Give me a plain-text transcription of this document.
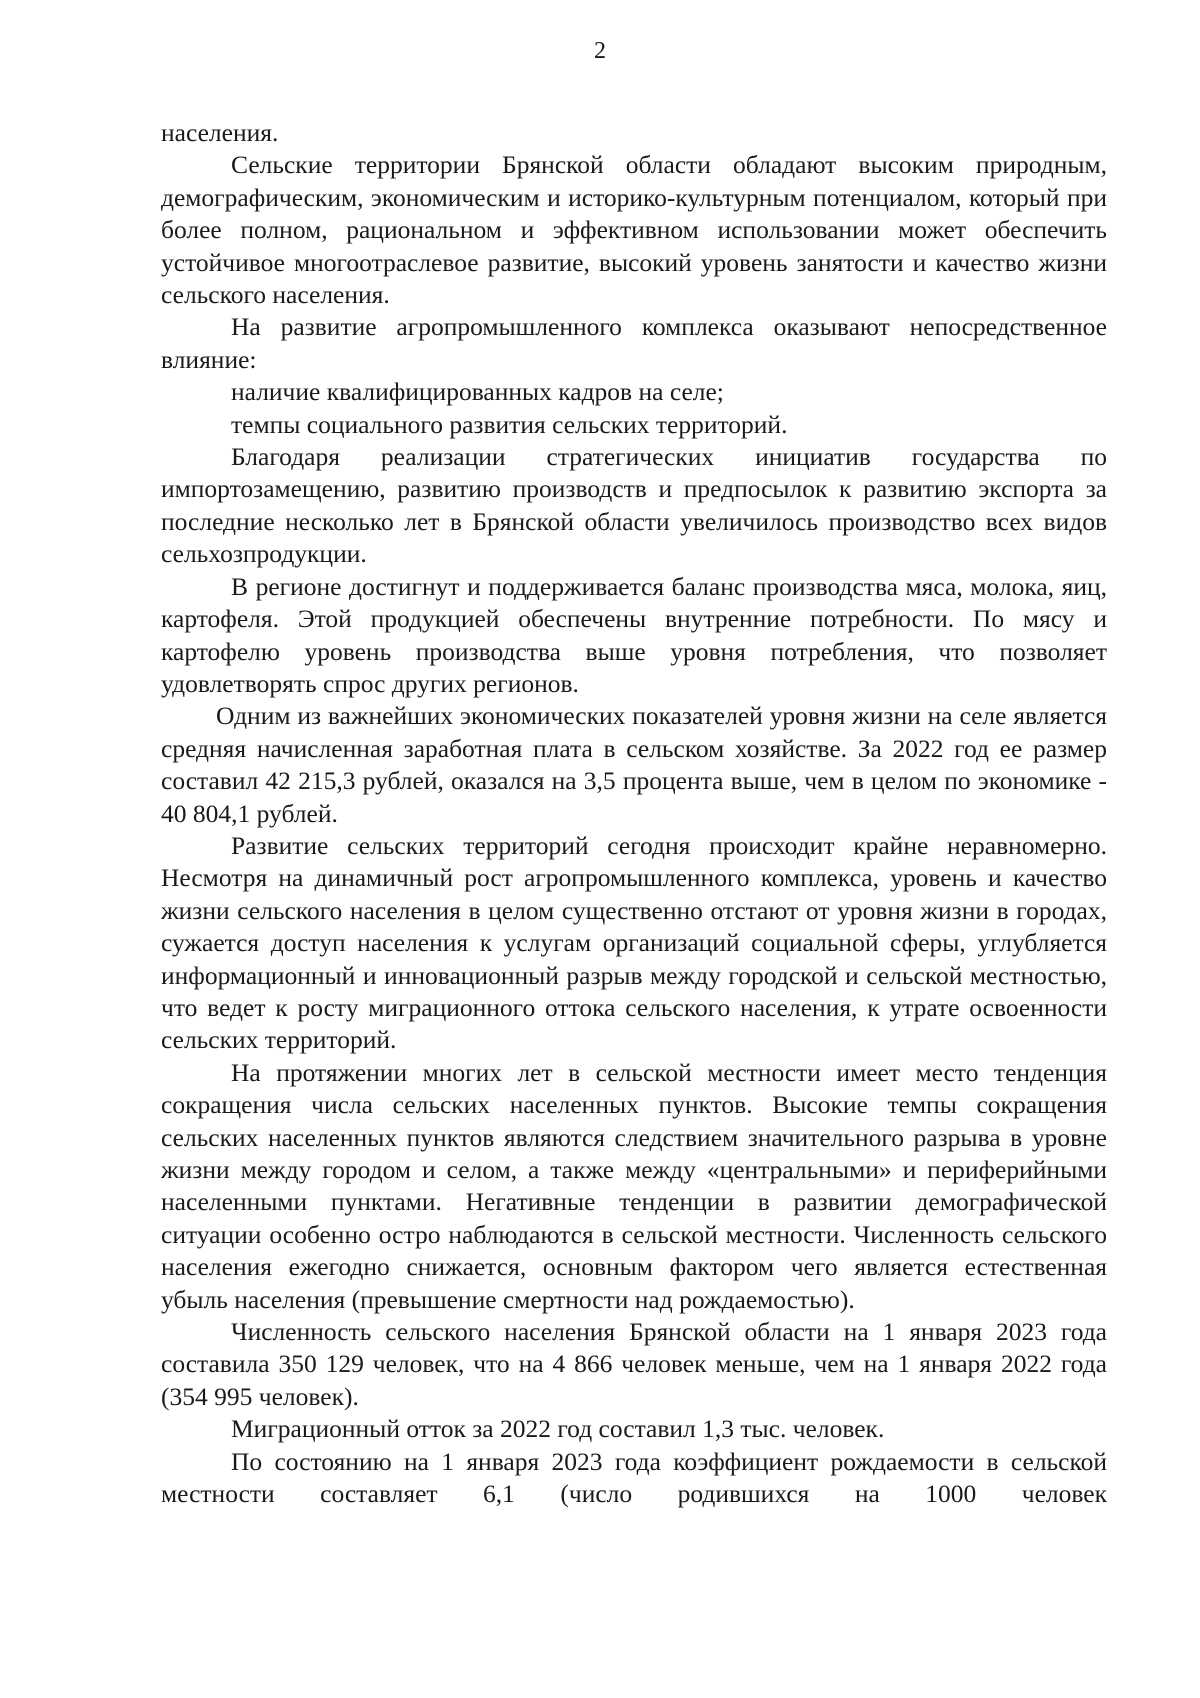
2

населения.

Сельские территории Брянской области обладают высоким природным, демографическим, экономическим и историко-культурным потенциалом, который при более полном, рациональном и эффективном использовании может обеспечить устойчивое многоотраслевое развитие, высокий уровень занятости и качество жизни сельского населения.

На развитие агропромышленного комплекса оказывают непосредственное влияние:

наличие квалифицированных кадров на селе;

темпы социального развития сельских территорий.

Благодаря реализации стратегических инициатив государства по импортозамещению, развитию производств и предпосылок к развитию экспорта за последние несколько лет в Брянской области увеличилось производство всех видов сельхозпродукции.

В регионе достигнут и поддерживается баланс производства мяса, молока, яиц, картофеля. Этой продукцией обеспечены внутренние потребности. По мясу и картофелю уровень производства выше уровня потребления, что позволяет удовлетворять спрос других регионов.

Одним из важнейших экономических показателей уровня жизни на селе является средняя начисленная заработная плата в сельском хозяйстве. За 2022 год ее размер составил 42 215,3 рублей, оказался на 3,5 процента выше, чем в целом по экономике - 40 804,1 рублей.

Развитие сельских территорий сегодня происходит крайне неравномерно. Несмотря на динамичный рост агропромышленного комплекса, уровень и качество жизни сельского населения в целом существенно отстают от уровня жизни в городах, сужается доступ населения к услугам организаций социальной сферы, углубляется информационный и инновационный разрыв между городской и сельской местностью, что ведет к росту миграционного оттока сельского населения, к утрате освоенности сельских территорий.

На протяжении многих лет в сельской местности имеет место тенденция сокращения числа сельских населенных пунктов. Высокие темпы сокращения сельских населенных пунктов являются следствием значительного разрыва в уровне жизни между городом и селом, а также между «центральными» и периферийными населенными пунктами. Негативные тенденции в развитии демографической ситуации особенно остро наблюдаются в сельской местности. Численность сельского населения ежегодно снижается, основным фактором чего является естественная убыль населения (превышение смертности над рождаемостью).

Численность сельского населения Брянской области на 1 января 2023 года составила 350 129 человек, что на 4 866 человек меньше, чем на 1 января 2022 года (354 995 человек).

Миграционный отток за 2022 год составил 1,3 тыс. человек.

По состоянию на 1 января 2023 года коэффициент рождаемости в сельской местности составляет 6,1 (число родившихся на 1000 человек
